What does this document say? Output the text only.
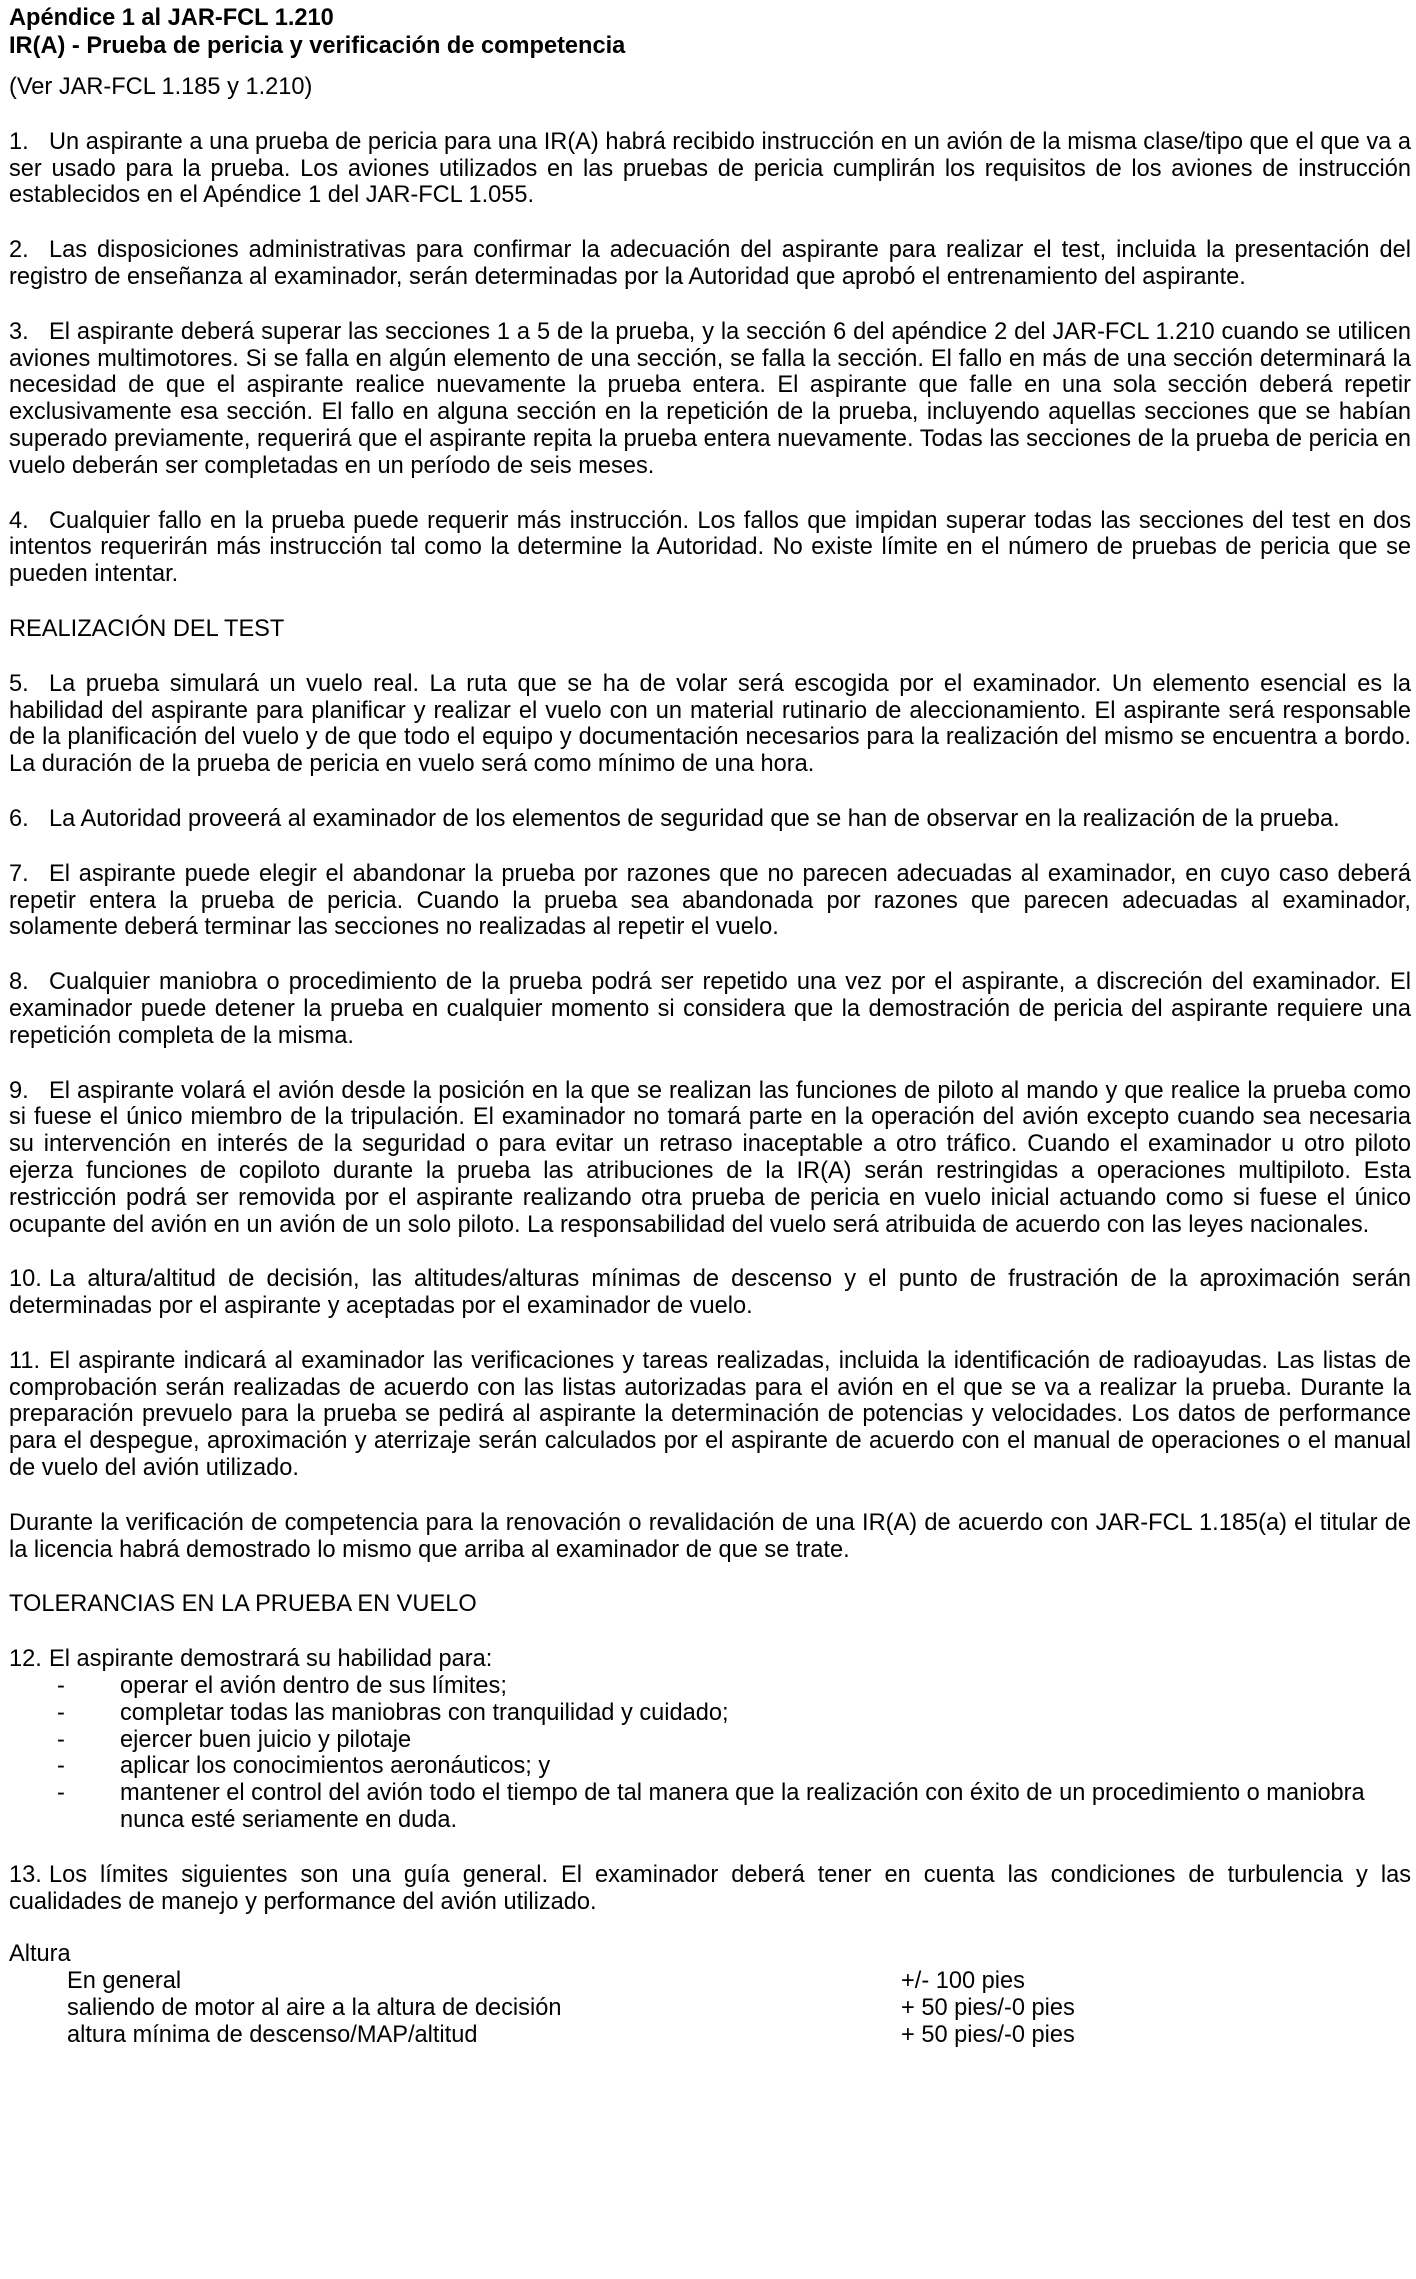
Apéndice 1 al JAR-FCL 1.210
IR(A) - Prueba de pericia y verificación de competencia
(Ver JAR-FCL 1.185 y 1.210)

1. Un aspirante a una prueba de pericia para una IR(A) habrá recibido instrucción en un avión de la misma clase/tipo que el que va a ser usado para la prueba. Los aviones utilizados en las pruebas de pericia cumplirán los requisitos de los aviones de instrucción establecidos en el Apéndice 1 del JAR-FCL 1.055.

2. Las disposiciones administrativas para confirmar la adecuación del aspirante para realizar el test, incluida la presentación del registro de enseñanza al examinador, serán determinadas por la Autoridad que aprobó el entrenamiento del aspirante.

3. El aspirante deberá superar las secciones 1 a 5 de la prueba, y la sección 6 del apéndice 2 del JAR-FCL 1.210 cuando se utilicen aviones multimotores. Si se falla en algún elemento de una sección, se falla la sección. El fallo en más de una sección determinará la necesidad de que el aspirante realice nuevamente la prueba entera. El aspirante que falle en una sola sección deberá repetir exclusivamente esa sección. El fallo en alguna sección en la repetición de la prueba, incluyendo aquellas secciones que se habían superado previamente, requerirá que el aspirante repita la prueba entera nuevamente. Todas las secciones de la prueba de pericia en vuelo deberán ser completadas en un período de seis meses.

4. Cualquier fallo en la prueba puede requerir más instrucción. Los fallos que impidan superar todas las secciones del test en dos intentos requerirán más instrucción tal como la determine la Autoridad. No existe límite en el número de pruebas de pericia que se pueden intentar.

REALIZACIÓN DEL TEST

5. La prueba simulará un vuelo real. La ruta que se ha de volar será escogida por el examinador. Un elemento esencial es la habilidad del aspirante para planificar y realizar el vuelo con un material rutinario de aleccionamiento. El aspirante será responsable de la planificación del vuelo y de que todo el equipo y documentación necesarios para la realización del mismo se encuentra a bordo. La duración de la prueba de pericia en vuelo será como mínimo de una hora.

6. La Autoridad proveerá al examinador de los elementos de seguridad que se han de observar en la realización de la prueba.

7. El aspirante puede elegir el abandonar la prueba por razones que no parecen adecuadas al examinador, en cuyo caso deberá repetir entera la prueba de pericia. Cuando la prueba sea abandonada por razones que parecen adecuadas al examinador, solamente deberá terminar las secciones no realizadas al repetir el vuelo.

8. Cualquier maniobra o procedimiento de la prueba podrá ser repetido una vez por el aspirante, a discreción del examinador. El examinador puede detener la prueba en cualquier momento si considera que la demostración de pericia del aspirante requiere una repetición completa de la misma.

9. El aspirante volará el avión desde la posición en la que se realizan las funciones de piloto al mando y que realice la prueba como si fuese el único miembro de la tripulación. El examinador no tomará parte en la operación del avión excepto cuando sea necesaria su intervención en interés de la seguridad o para evitar un retraso inaceptable a otro tráfico. Cuando el examinador u otro piloto ejerza funciones de copiloto durante la prueba las atribuciones de la IR(A) serán restringidas a operaciones multipiloto. Esta restricción podrá ser removida por el aspirante realizando otra prueba de pericia en vuelo inicial actuando como si fuese el único ocupante del avión en un avión de un solo piloto. La responsabilidad del vuelo será atribuida de acuerdo con las leyes nacionales.

10. La altura/altitud de decisión, las altitudes/alturas mínimas de descenso y el punto de frustración de la aproximación serán determinadas por el aspirante y aceptadas por el examinador de vuelo.

11. El aspirante indicará al examinador las verificaciones y tareas realizadas, incluida la identificación de radioayudas. Las listas de comprobación serán realizadas de acuerdo con las listas autorizadas para el avión en el que se va a realizar la prueba. Durante la preparación prevuelo para la prueba se pedirá al aspirante la determinación de potencias y velocidades. Los datos de performance para el despegue, aproximación y aterrizaje serán calculados por el aspirante de acuerdo con el manual de operaciones o el manual de vuelo del avión utilizado.

Durante la verificación de competencia para la renovación o revalidación de una IR(A) de acuerdo con JAR-FCL 1.185(a) el titular de la licencia habrá demostrado lo mismo que arriba al examinador de que se trate.

TOLERANCIAS EN LA PRUEBA EN VUELO

12. El aspirante demostrará su habilidad para:

- operar el avión dentro de sus límites;
- completar todas las maniobras con tranquilidad y cuidado;
- ejercer buen juicio y pilotaje
- aplicar los conocimientos aeronáuticos; y
- mantener el control del avión todo el tiempo de tal manera que la realización con éxito de un procedimiento o maniobra nunca esté seriamente en duda.

13. Los límites siguientes son una guía general. El examinador deberá tener en cuenta las condiciones de turbulencia y las cualidades de manejo y performance del avión utilizado.

Altura
En general	+/- 100 pies
saliendo de motor al aire a la altura de decisión	+ 50 pies/-0 pies
altura mínima de descenso/MAP/altitud	+ 50 pies/-0 pies
